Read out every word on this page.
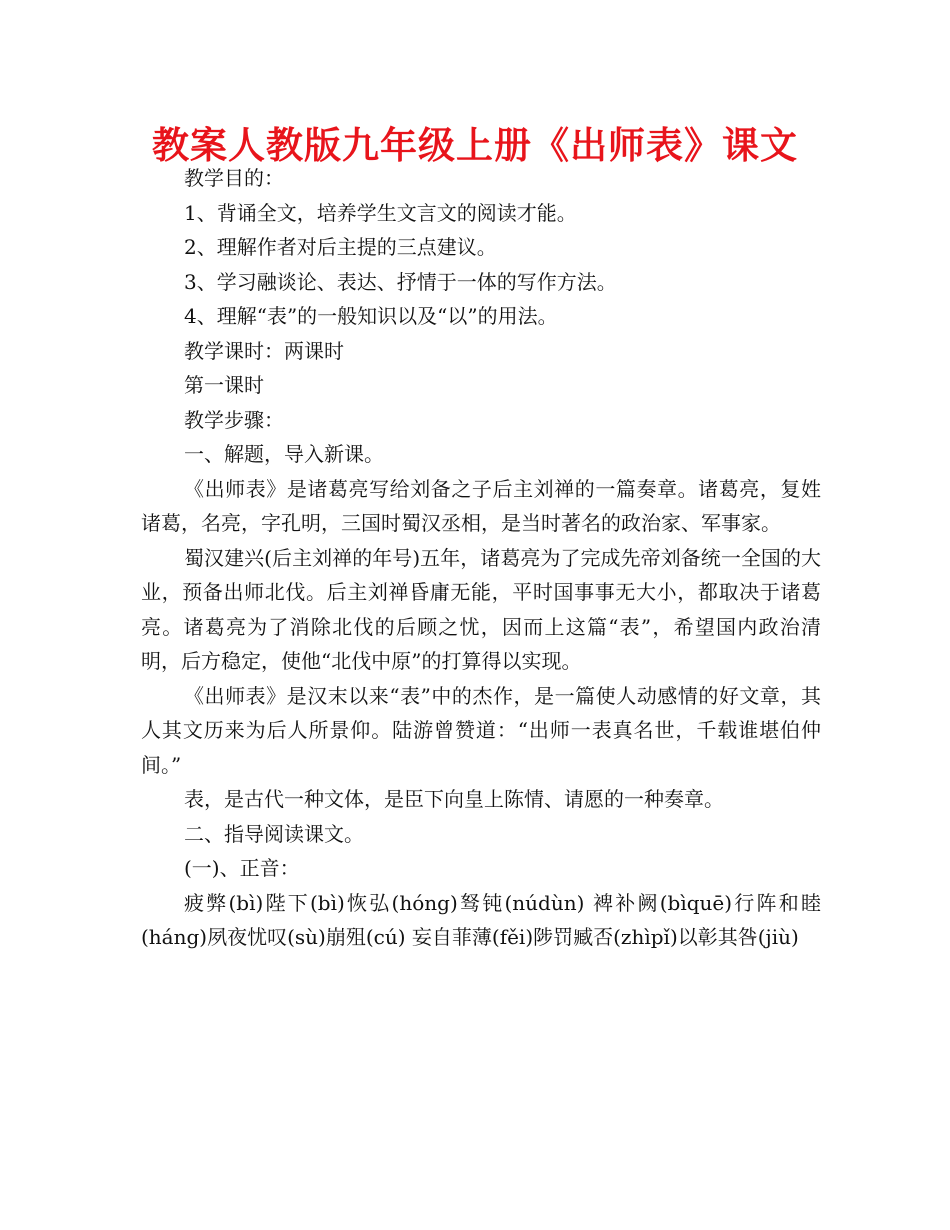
教案人教版九年级上册《出师表》课文

教学目的：

1、背诵全文，培养学生文言文的阅读才能。

2、理解作者对后主提的三点建议。

3、学习融谈论、表达、抒情于一体的写作方法。

4、理解“表”的一般知识以及“以”的用法。

教学课时：两课时

第一课时

教学步骤：

一、解题，导入新课。

《出师表》是诸葛亮写给刘备之子后主刘禅的一篇奏章。诸葛亮，复姓诸葛，名亮，字孔明，三国时蜀汉丞相，是当时著名的政治家、军事家。

蜀汉建兴(后主刘禅的年号)五年，诸葛亮为了完成先帝刘备统一全国的大业，预备出师北伐。后主刘禅昏庸无能，平时国事事无大小，都取决于诸葛亮。诸葛亮为了消除北伐的后顾之忧，因而上这篇“表”，希望国内政治清明，后方稳定，使他“北伐中原”的打算得以实现。

《出师表》是汉末以来“表”中的杰作，是一篇使人动感情的好文章，其人其文历来为后人所景仰。陆游曾赞道：“出师一表真名世，千载谁堪伯仲间。”

表，是古代一种文体，是臣下向皇上陈情、请愿的一种奏章。

二、指导阅读课文。

(一)、正音：

疲弊(bì)陛下(bì)恢弘(hóng)驽钝(núdùn) 裨补阙(bìquē)行阵和睦(háng)夙夜忧叹(sù)崩殂(cú) 妄自菲薄(fěi)陟罚臧否(zhìpǐ)以彰其咎(jiù)
